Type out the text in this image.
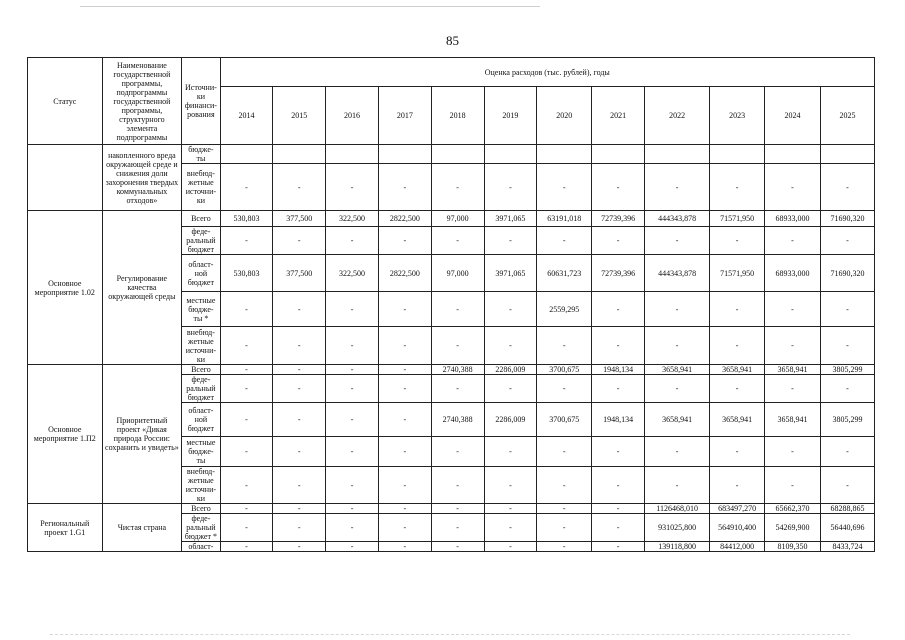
85
Статус	Наименование государственной программы, подпрограммы государственной программы, структурного элемента подпрограммы	Источни-ки финанси-рования	Оценка расходов (тыс. рублей), годы											
			2014	2015	2016	2017	2018	2019	2020	2021	2022	2023	2024	2025
	накопленного вреда окружающей среде и снижения доли захоронения твердых коммунальных отходов»	бюдже-ты												
		внебюд-жетные источни-ки	-	-	-	-	-	-	-	-	-	-	-	-
Основное мероприятие 1.02	Регулирование качества окружающей среды	Всего	530,803	377,500	322,500	2822,500	97,000	3971,065	63191,018	72739,396	444343,878	71571,950	68933,000	71690,320
		феде-ральный бюджет	-	-	-	-	-	-	-	-	-	-	-	-
		област-ной бюджет	530,803	377,500	322,500	2822,500	97,000	3971,065	60631,723	72739,396	444343,878	71571,950	68933,000	71690,320
		местные бюдже-ты *	-	-	-	-	-	-	2559,295	-	-	-	-	-
		внебюд-жетные источни-ки	-	-	-	-	-	-	-	-	-	-	-	-
Основное мероприятие 1.П2	Приоритетный проект «Дикая природа России: сохранить и увидеть»	Всего	-	-	-	-	2740,388	2286,009	3700,675	1948,134	3658,941	3658,941	3658,941	3805,299
		феде-ральный бюджет	-	-	-	-	-	-	-	-	-	-	-	-
		област-ной бюджет	-	-	-	-	2740,388	2286,009	3700,675	1948,134	3658,941	3658,941	3658,941	3805,299
		местные бюдже-ты	-	-	-	-	-	-	-	-	-	-	-	-
		внебюд-жетные источни-ки	-	-	-	-	-	-	-	-	-	-	-	-
Региональный проект 1.G1	Чистая страна	Всего	-	-	-	-	-	-	-	-	1126468,010	683497,270	65662,370	68288,865
		феде-ральный бюджет *	-	-	-	-	-	-	-	-	931025,800	564910,400	54269,900	56440,696
		област-	-	-	-	-	-	-	-	-	139118,800	84412,000	8109,350	8433,724
